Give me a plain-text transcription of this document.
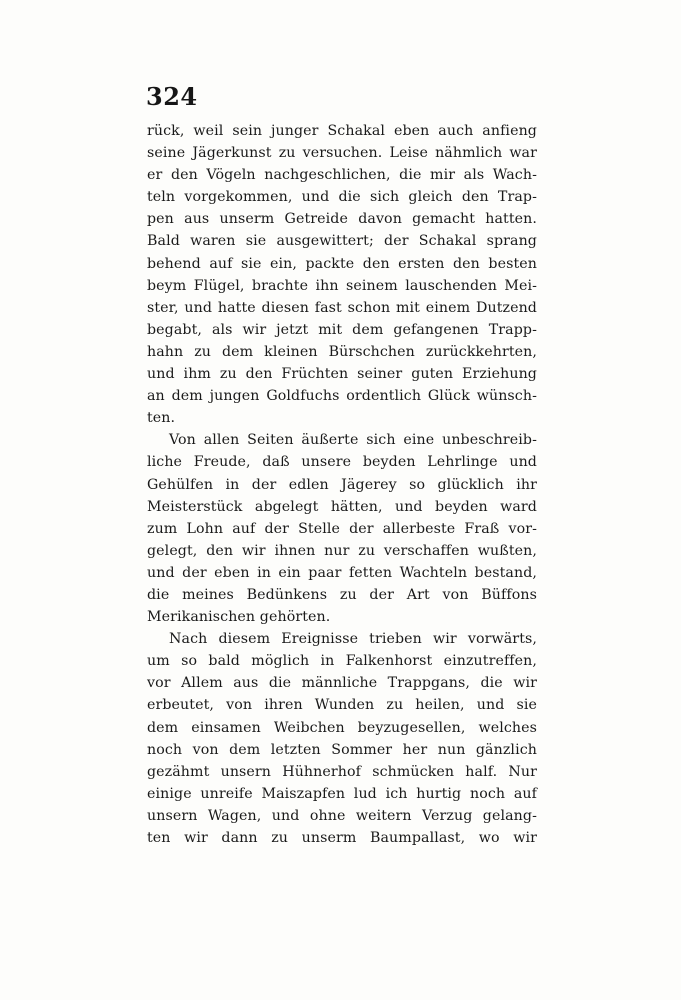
324
rück, weil sein junger Schakal eben auch anfieng
seine Jägerkunst zu versuchen. Leise nähmlich war
er den Vögeln nachgeschlichen, die mir als Wach-
teln vorgekommen, und die sich gleich den Trap-
pen aus unserm Getreide davon gemacht hatten.
Bald waren sie ausgewittert; der Schakal sprang
behend auf sie ein, packte den ersten den besten
beym Flügel, brachte ihn seinem lauschenden Mei-
ster, und hatte diesen fast schon mit einem Dutzend
begabt, als wir jetzt mit dem gefangenen Trapp-
hahn zu dem kleinen Bürschchen zurückkehrten,
und ihm zu den Früchten seiner guten Erziehung
an dem jungen Goldfuchs ordentlich Glück wünsch-
ten.
Von allen Seiten äußerte sich eine unbeschreib-
liche Freude, daß unsere beyden Lehrlinge und
Gehülfen in der edlen Jägerey so glücklich ihr
Meisterstück abgelegt hätten, und beyden ward
zum Lohn auf der Stelle der allerbeste Fraß vor-
gelegt, den wir ihnen nur zu verschaffen wußten,
und der eben in ein paar fetten Wachteln bestand,
die meines Bedünkens zu der Art von Büffons
Merikanischen gehörten.
Nach diesem Ereignisse trieben wir vorwärts,
um so bald möglich in Falkenhorst einzutreffen,
vor Allem aus die männliche Trappgans, die wir
erbeutet, von ihren Wunden zu heilen, und sie
dem einsamen Weibchen beyzugesellen, welches
noch von dem letzten Sommer her nun gänzlich
gezähmt unsern Hühnerhof schmücken half. Nur
einige unreife Maiszapfen lud ich hurtig noch auf
unsern Wagen, und ohne weitern Verzug gelang-
ten wir dann zu unserm Baumpallast, wo wir
